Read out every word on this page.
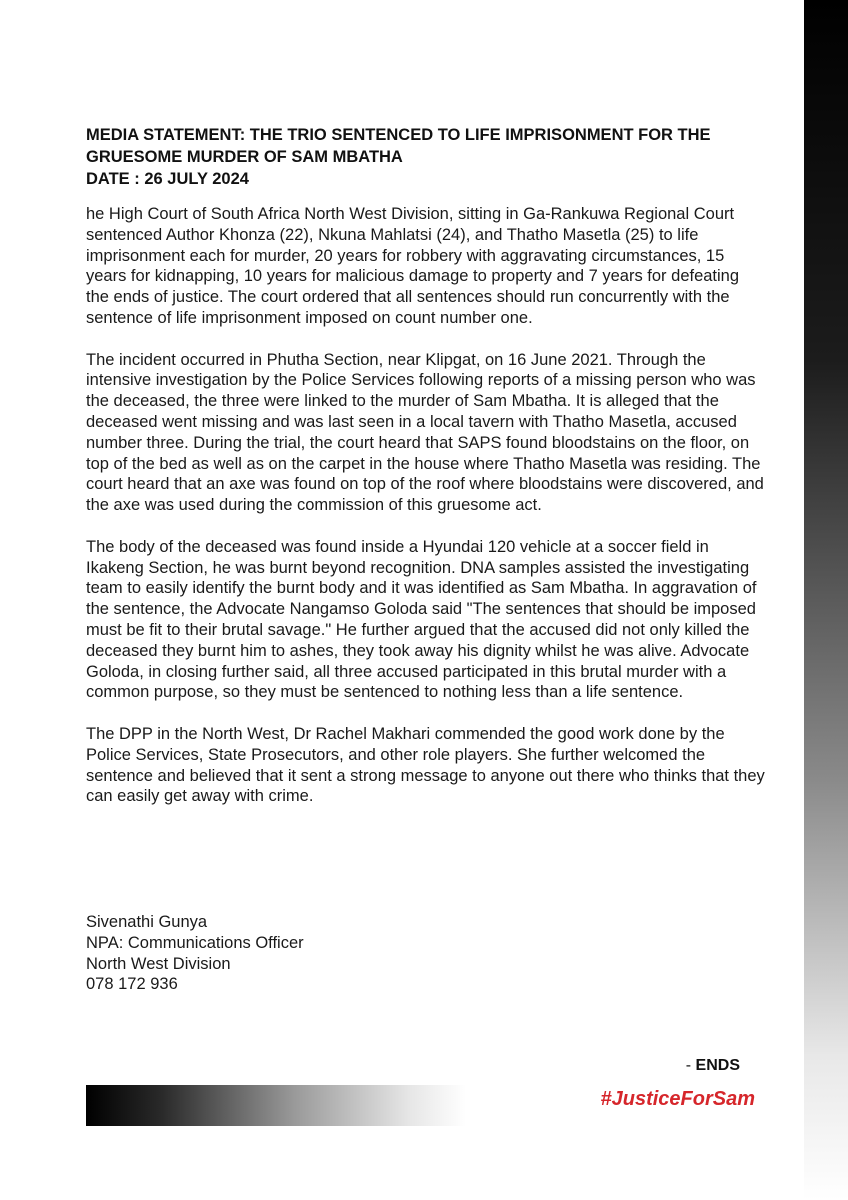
MEDIA STATEMENT: THE TRIO SENTENCED TO LIFE IMPRISONMENT FOR THE
GRUESOME MURDER OF SAM MBATHA
DATE : 26 JULY 2024

he High Court of South Africa North West Division, sitting in Ga-Rankuwa Regional Court sentenced Author Khonza (22), Nkuna Mahlatsi (24), and Thatho Masetla (25) to life imprisonment each for murder, 20 years for robbery with aggravating circumstances, 15 years for kidnapping, 10 years for malicious damage to property and 7 years for defeating the ends of justice. The court ordered that all sentences should run concurrently with the sentence of life imprisonment imposed on count number one.

The incident occurred in Phutha Section, near Klipgat, on 16 June 2021. Through the intensive investigation by the Police Services following reports of a missing person who was the deceased, the three were linked to the murder of Sam Mbatha. It is alleged that the deceased went missing and was last seen in a local tavern with Thatho Masetla, accused number three. During the trial, the court heard that SAPS found bloodstains on the floor, on top of the bed as well as on the carpet in the house where Thatho Masetla was residing. The court heard that an axe was found on top of the roof where bloodstains were discovered, and the axe was used during the commission of this gruesome act.

The body of the deceased was found inside a Hyundai 120 vehicle at a soccer field in Ikakeng Section, he was burnt beyond recognition. DNA samples assisted the investigating team to easily identify the burnt body and it was identified as Sam Mbatha. In aggravation of the sentence, the Advocate Nangamso Goloda said "The sentences that should be imposed must be fit to their brutal savage." He further argued that the accused did not only killed the deceased they burnt him to ashes, they took away his dignity whilst he was alive. Advocate Goloda, in closing further said, all three accused participated in this brutal murder with a common purpose, so they must be sentenced to nothing less than a life sentence.

The DPP in the North West, Dr Rachel Makhari commended the good work done by the Police Services, State Prosecutors, and other role players. She further welcomed the sentence and believed that it sent a strong message to anyone out there who thinks that they can easily get away with crime.

Sivenathi Gunya
NPA: Communications Officer
North West Division
078 172 936
- ENDS
#JusticeForSam
